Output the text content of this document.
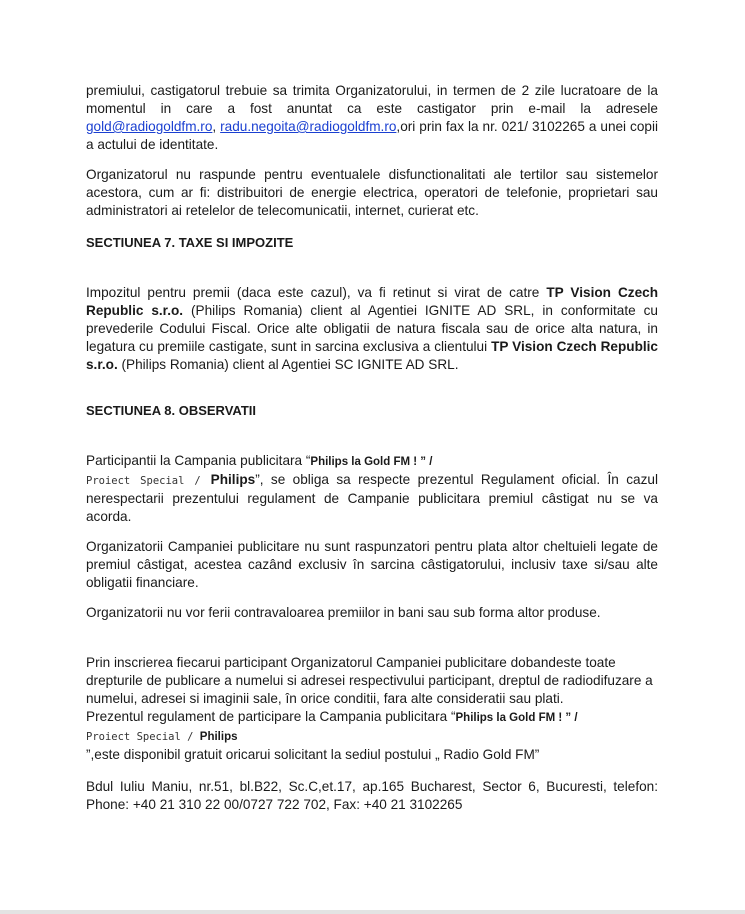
premiului, castigatorul trebuie sa trimita Organizatorului, in termen de 2 zile lucratoare de la momentul in care a fost anuntat ca este castigator prin e-mail la adresele gold@radiogoldfm.ro, radu.negoita@radiogoldfm.ro,ori prin fax la nr. 021/ 3102265 a unei copii a actului de identitate.

Organizatorul nu raspunde pentru eventualele disfunctionalitati ale tertilor sau sistemelor acestora, cum ar fi: distribuitori de energie electrica, operatori de telefonie, proprietari sau administratori ai retelelor de telecomunicatii, internet, curierat etc.

SECTIUNEA 7. TAXE SI IMPOZITE

Impozitul pentru premii (daca este cazul), va fi retinut si virat de catre TP Vision Czech Republic s.r.o. (Philips Romania) client al Agentiei IGNITE AD SRL, in conformitate cu prevederile Codului Fiscal. Orice alte obligatii de natura fiscala sau de orice alta natura, in legatura cu premiile castigate, sunt in sarcina exclusiva a clientului TP Vision Czech Republic s.r.o. (Philips Romania) client al Agentiei SC IGNITE AD SRL.

SECTIUNEA 8. OBSERVATII

Participantii la Campania publicitara “Philips la Gold FM ! ” /
Proiect Special / Philips”, se obliga sa respecte prezentul Regulament oficial. În cazul nerespectarii prezentului regulament de Campanie publicitara premiul câstigat nu se va acorda.

Organizatorii Campaniei publicitare nu sunt raspunzatori pentru plata altor cheltuieli legate de premiul câstigat, acestea cazând exclusiv în sarcina câstigatorului, inclusiv taxe si/sau alte obligatii financiare.

Organizatorii nu vor ferii contravaloarea premiilor in bani sau sub forma altor produse.

Prin inscrierea fiecarui participant Organizatorul Campaniei publicitare dobandeste toate drepturile de publicare a numelui si adresei respectivului participant, dreptul de radiodifuzare a numelui, adresei si imaginii sale, în orice conditii, fara alte consideratii sau plati.

Prezentul regulament de participare la Campania publicitara “Philips la Gold FM ! ” /
Proiect Special / Philips
”,este disponibil gratuit oricarui solicitant la sediul postului „ Radio Gold FM”

Bdul Iuliu Maniu, nr.51, bl.B22, Sc.C,et.17, ap.165 Bucharest, Sector 6, Bucuresti, telefon: Phone: +40 21 310 22 00/0727 722 702, Fax: +40 21 3102265
